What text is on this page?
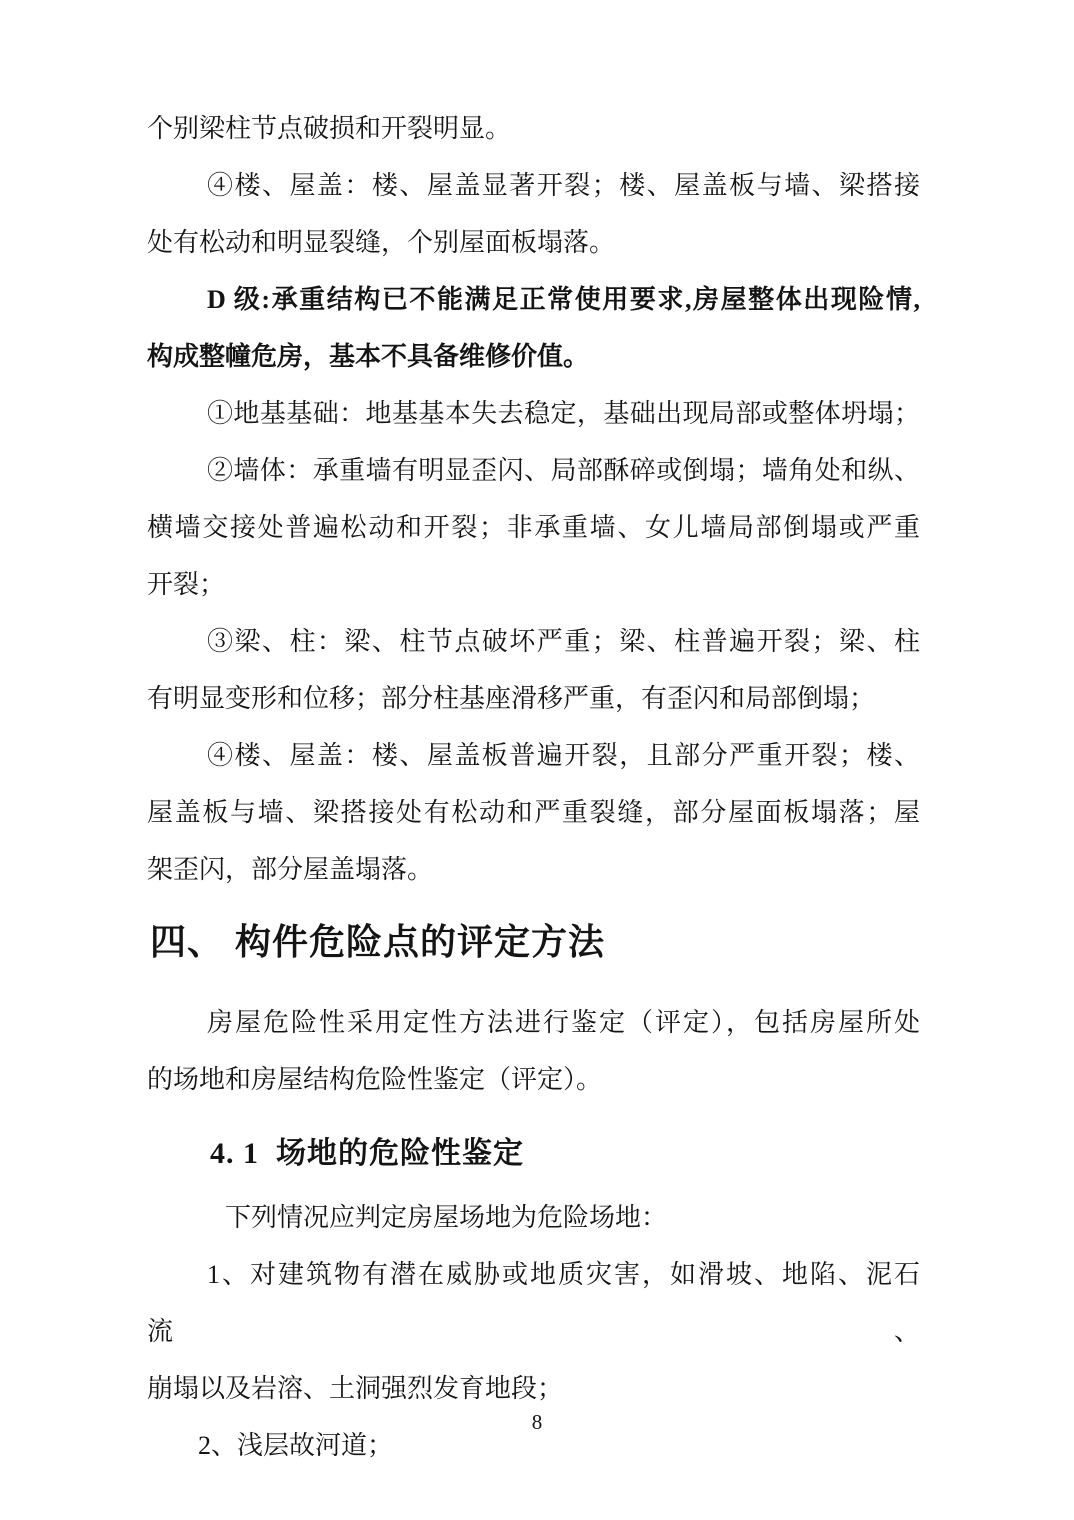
个别梁柱节点破损和开裂明显。
④楼、屋盖：楼、屋盖显著开裂；楼、屋盖板与墙、梁搭接
处有松动和明显裂缝，个别屋面板塌落。
D 级:承重结构已不能满足正常使用要求,房屋整体出现险情,
构成整幢危房，基本不具备维修价值。
①地基基础：地基基本失去稳定，基础出现局部或整体坍塌；
②墙体：承重墙有明显歪闪、局部酥碎或倒塌；墙角处和纵、
横墙交接处普遍松动和开裂；非承重墙、女儿墙局部倒塌或严重
开裂；
③梁、柱：梁、柱节点破坏严重；梁、柱普遍开裂；梁、柱
有明显变形和位移；部分柱基座滑移严重，有歪闪和局部倒塌；
④楼、屋盖：楼、屋盖板普遍开裂，且部分严重开裂；楼、
屋盖板与墙、梁搭接处有松动和严重裂缝，部分屋面板塌落；屋
架歪闪，部分屋盖塌落。
四、 构件危险点的评定方法
房屋危险性采用定性方法进行鉴定（评定），包括房屋所处
的场地和房屋结构危险性鉴定（评定）。
4. 1  场地的危险性鉴定
下列情况应判定房屋场地为危险场地：
1、对建筑物有潜在威胁或地质灾害，如滑坡、地陷、泥石流、
崩塌以及岩溶、土洞强烈发育地段；
2、浅层故河道；
8
